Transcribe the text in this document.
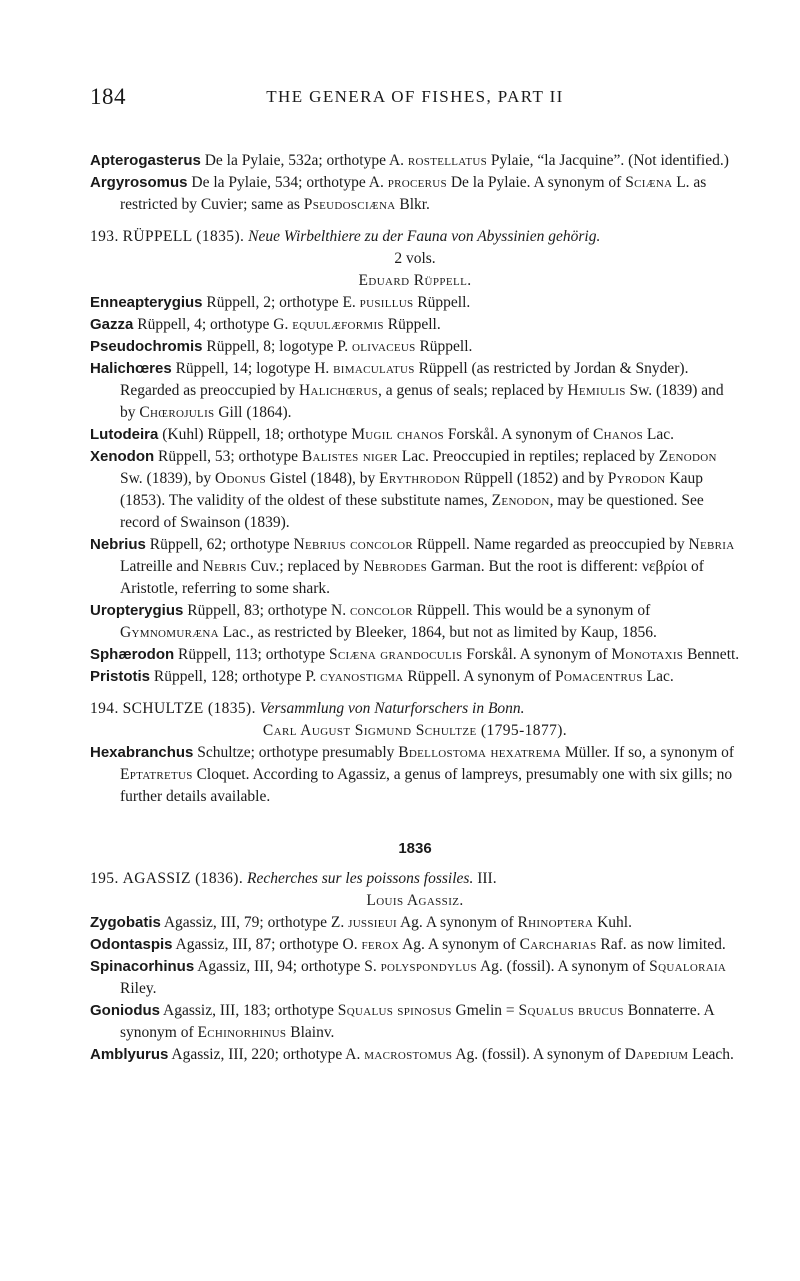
184	THE GENERA OF FISHES, PART II

Apterogasterus De la Pylaie, 532a; orthotype A. rostellatus Pylaie, “la Jacquine”. (Not identified.)

Argyrosomus De la Pylaie, 534; orthotype A. procerus De la Pylaie. A synonym of Sciæna L. as restricted by Cuvier; same as Pseudosciæna Blkr.

193. RÜPPELL (1835). Neue Wirbelthiere zu der Fauna von Abyssinien gehörig.

2 vols.

Eduard Rüppell.

Enneapterygius Rüppell, 2; orthotype E. pusillus Rüppell.

Gazza Rüppell, 4; orthotype G. equulæformis Rüppell.

Pseudochromis Rüppell, 8; logotype P. olivaceus Rüppell.

Halichœres Rüppell, 14; logotype H. bimaculatus Rüppell (as restricted by Jordan & Snyder). Regarded as preoccupied by Halichœrus, a genus of seals; replaced by Hemiulis Sw. (1839) and by Chœrojulis Gill (1864).

Lutodeira (Kuhl) Rüppell, 18; orthotype Mugil chanos Forskål. A synonym of Chanos Lac.

Xenodon Rüppell, 53; orthotype Balistes niger Lac. Preoccupied in reptiles; replaced by Zenodon Sw. (1839), by Odonus Gistel (1848), by Erythrodon Rüppell (1852) and by Pyrodon Kaup (1853). The validity of the oldest of these substitute names, Zenodon, may be questioned. See record of Swainson (1839).

Nebrius Rüppell, 62; orthotype Nebrius concolor Rüppell. Name regarded as preoccupied by Nebria Latreille and Nebris Cuv.; replaced by Nebrodes Garman. But the root is different: νεβρίοι of Aristotle, referring to some shark.

Uropterygius Rüppell, 83; orthotype N. concolor Rüppell. This would be a synonym of Gymnomuræna Lac., as restricted by Bleeker, 1864, but not as limited by Kaup, 1856.

Sphærodon Rüppell, 113; orthotype Sciæna grandoculis Forskål. A synonym of Monotaxis Bennett.

Pristotis Rüppell, 128; orthotype P. cyanostigma Rüppell. A synonym of Pomacentrus Lac.

194. SCHULTZE (1835). Versammlung von Naturforschers in Bonn.

Carl August Sigmund Schultze (1795-1877).

Hexabranchus Schultze; orthotype presumably Bdellostoma hexatrema Müller. If so, a synonym of Eptatretus Cloquet. According to Agassiz, a genus of lampreys, presumably one with six gills; no further details available.

1836

195. AGASSIZ (1836). Recherches sur les poissons fossiles. III.

Louis Agassiz.

Zygobatis Agassiz, III, 79; orthotype Z. jussieui Ag. A synonym of Rhinoptera Kuhl.

Odontaspis Agassiz, III, 87; orthotype O. ferox Ag. A synonym of Carcharias Raf. as now limited.

Spinacorhinus Agassiz, III, 94; orthotype S. polyspondylus Ag. (fossil). A synonym of Squaloraia Riley.

Goniodus Agassiz, III, 183; orthotype Squalus spinosus Gmelin = Squalus brucus Bonnaterre. A synonym of Echinorhinus Blainv.

Amblyurus Agassiz, III, 220; orthotype A. macrostomus Ag. (fossil). A synonym of Dapedium Leach.
